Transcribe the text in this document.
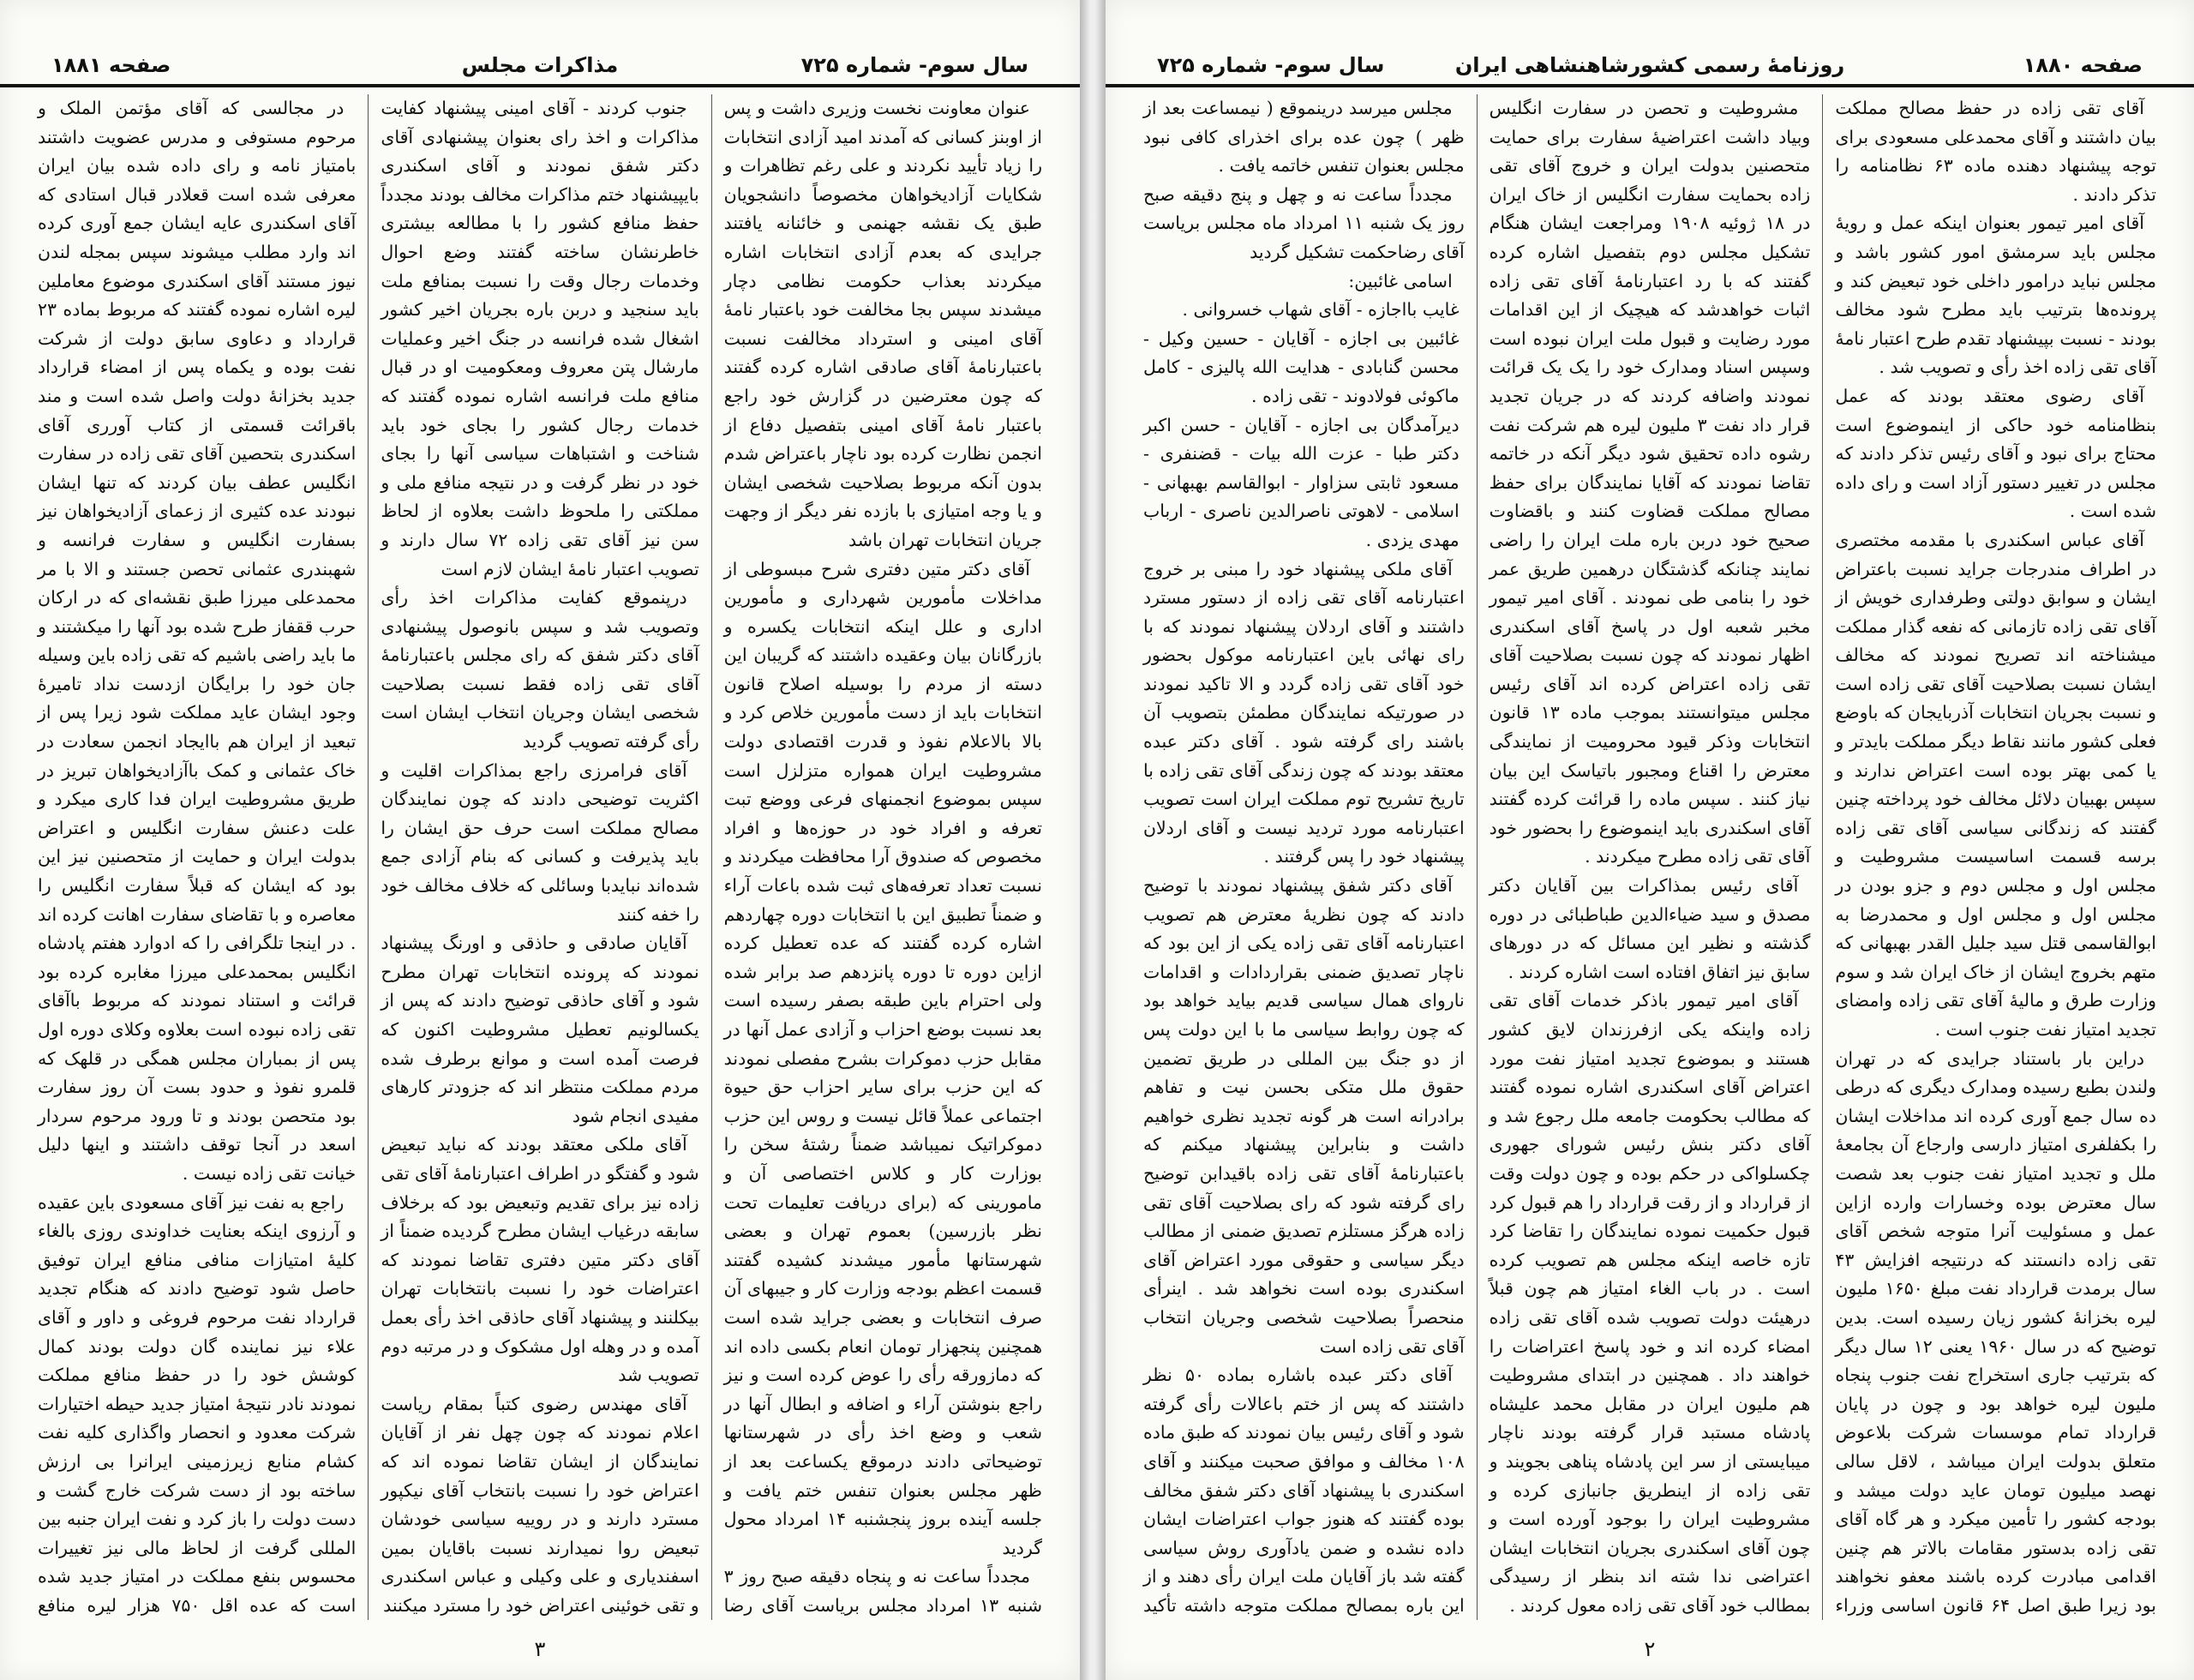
صفحه ۱۸۸۱	مذاکرات مجلس	سال سوم- شماره ۷۲۵

عنوان معاونت نخست وزیری داشت و پس از اوبنز کسانی که آمدند امید آزادی انتخابات را زیاد تأیید نکردند و علی رغم تظاهرات و شکایات آزادیخواهان مخصوصاً دانشجویان طبق یک نقشه جهنمی و خائنانه یافتند جرایدی که بعدم آزادی انتخابات اشاره میکردند بعذاب حکومت نظامی دچار میشدند سپس بجا مخالفت خود باعتبار نامهٔ آقای امینی و استرداد مخالفت نسبت باعتبارنامهٔ آقای صادقی اشاره کرده گفتند که چون معترضین در گزارش خود راجع باعتبار نامهٔ آقای امینی بتفصیل دفاع از انجمن نظارت کرده بود ناچار باعتراض شدم بدون آنکه مربوط بصلاحیت شخصی ایشان و یا وجه امتیازی با بازده نفر دیگر از وجهت جریان انتخابات تهران باشد

آقای دکتر متین دفتری شرح مبسوطی از مداخلات مأمورین شهرداری و مأمورین اداری و علل اینکه انتخابات یکسره و بازرگانان بیان وعقیده داشتند که گریبان این دسته از مردم را بوسیله اصلاح قانون انتخابات باید از دست مأمورین خلاص کرد و بالا بالاعلام نفوذ و قدرت اقتصادی دولت مشروطیت ایران همواره متزلزل است سپس بموضوع انجمنهای فرعی ووضع تبت تعرفه و افراد خود در حوزه‌ها و افراد مخصوص که صندوق آرا محافظت میکردند و نسبت تعداد تعرفه‌های ثبت شده باعات آراء و ضمناً تطبیق این با انتخابات دوره چهاردهم اشاره کرده گفتند که عده تعطیل کرده ازاین دوره تا دوره پانزدهم صد برابر شده ولی احترام باین طبقه بصفر رسیده است بعد نسبت بوضع احزاب و آزادی عمل آنها در مقابل حزب دموکرات بشرح مفصلی نمودند که این حزب برای سایر احزاب حق حیوة اجتماعی عملاً قائل نیست و روس این حزب دموکراتیک نمیباشد ضمناً رشتهٔ سخن را بوزارت کار و کلاس اختصاصی آن و مامورینی که (برای دریافت تعلیمات تحت نظر بازرسین) بعموم تهران و بعضی شهرستانها مأمور میشدند کشیده گفتند قسمت اعظم بودجه وزارت کار و جیبهای آن صرف انتخابات و بعضی جراید شده است همچنین پنجهزار تومان انعام بکسی داده اند که دمازورقه رأی را عوض کرده است و نیز راجع بنوشتن آراء و اضافه و ابطال آنها در شعب و وضع اخذ رأی در شهرستانها توضیحاتی دادند درموقع یکساعت بعد از ظهر مجلس بعنوان تنفس ختم یافت و جلسه آینده بروز پنجشنبه ۱۴ امرداد محول گردید

مجدداً ساعت نه و پنجاه دقیقه صبح روز ۳ شنبه ۱۳ امرداد مجلس بریاست آقای رضا

جنوب کردند - آقای امینی پیشنهاد کفایت مذاکرات و اخذ رای بعنوان پیشنهادی آقای دکتر شفق نمودند و آقای اسکندری بایپیشنهاد ختم مذاکرات مخالف بودند مجدداً حفظ منافع کشور را با مطالعه بیشتری خاطرنشان ساخته گفتند وضع احوال وخدمات رجال وقت را نسبت بمنافع ملت باید سنجید و دربن باره بجریان اخیر کشور اشغال شده فرانسه در جنگ اخیر وعملیات مارشال پتن معروف ومعکومیت او در قبال منافع ملت فرانسه اشاره نموده گفتند که خدمات رجال کشور را بجای خود باید شناخت و اشتباهات سیاسی آنها را بجای خود در نظر گرفت و در نتیجه منافع ملی و مملکتی را ملحوظ داشت بعلاوه از لحاظ سن نیز آقای تقی زاده ۷۲ سال دارند و تصویب اعتبار نامهٔ ایشان لازم است

درپنموقع کفایت مذاکرات اخذ رأی وتصویب شد و سپس بانوصول پیشنهادی آقای دکتر شفق که رای مجلس باعتبارنامهٔ آقای تقی زاده فقط نسبت بصلاحیت شخصی ایشان وجریان انتخاب ایشان است رأی گرفته تصویب گردید

آقای فرامرزی راجع بمذاکرات اقلیت و اکثریت توضیحی دادند که چون نمایندگان مصالح مملکت است حرف حق ایشان را باید پذیرفت و کسانی که بنام آزادی جمع شده‌اند نبایدبا وسائلی که خلاف مخالف خود را خفه کنند

آقایان صادقی و حاذقی و اورنگ پیشنهاد نمودند که پرونده انتخابات تهران مطرح شود و آقای حاذقی توضیح دادند که پس از یکسالونیم تعطیل مشروطیت اکنون که فرصت آمده است و موانع برطرف شده مردم مملکت منتظر اند که جزودتر کارهای مفیدی انجام شود

آقای ملکی معتقد بودند که نباید تبعیض شود و گفتگو در اطراف اعتبارنامهٔ آقای تقی زاده نیز برای تقدیم وتبعیض بود که برخلاف سابقه درغیاب ایشان مطرح گردیده ضمناً از آقای دکتر متین دفتری تقاضا نمودند که اعتراضات خود را نسبت بانتخابات تهران بیکلنند و پیشنهاد آقای حاذقی اخذ رأی بعمل آمده و در وهله اول مشکوک و در مرتبه دوم تصویب شد

آقای مهندس رضوی کتباً بمقام ریاست اعلام نمودند که چون چهل نفر از آقایان نمایندگان از ایشان تقاضا نموده اند که اعتراض خود را نسبت بانتخاب آقای نیکپور مسترد دارند و در روییه سیاسی خودشان تبعیض روا نمیدارند نسبت باقایان بمین اسفندیاری و علی وکیلی و عباس اسکندری و تقی خوئینی اعتراض خود را مسترد میکنند

در مجالسی که آقای مؤتمن الملک و مرحوم مستوفی و مدرس عضویت داشتند بامتیاز نامه و رای داده شده بیان ایران معرفی شده است قعلادر قبال استادی که آقای اسکندری عایه ایشان جمع آوری کرده اند وارد مطلب میشوند سپس بمجله لندن نیوز مستند آقای اسکندری موضوع معاملین لیره اشاره نموده گفتند که مربوط بماده ۲۳ قرارداد و دعاوی سابق دولت از شرکت نفت بوده و یکماه پس از امضاء قرارداد جدید بخزانهٔ دولت واصل شده است و مند باقرائت قسمتی از کتاب آورری آقای اسکندری بتحصین آقای تقی زاده در سفارت انگلیس عطف بیان کردند که تنها ایشان نبودند عده کثیری از زعمای آزادیخواهان نیز بسفارت انگلیس و سفارت فرانسه و شهبندری عثمانی تحصن جستند و الا با مر محمدعلی میرزا طبق نقشه‌ای که در ارکان حرب ققفاز طرح شده بود آنها را میکشتند و ما باید راضی باشیم که تقی زاده باین وسیله جان خود را برایگان ازدست نداد تامیرهٔ وجود ایشان عاید مملکت شود زیرا پس از تبعید از ایران هم باایجاد انجمن سعادت در خاک عثمانی و کمک باآزادیخواهان تبریز در طریق مشروطیت ایران فدا کاری میکرد و علت دعنش سفارت انگلیس و اعتراض بدولت ایران و حمایت از متحصنین نیز این بود که ایشان که قبلاً سفارت انگلیس را معاصره و با تقاضای سفارت اهانت کرده اند . در اینجا تلگرافی را که ادوارد هفتم پادشاه انگلیس بمحمدعلی میرزا مغابره کرده بود قرائت و استناد نمودند که مربوط باآقای تقی زاده نبوده است بعلاوه وکلای دوره اول پس از بمباران مجلس همگی در قلهک که قلمرو نفوذ و حدود بست آن روز سفارت بود متحصن بودند و تا ورود مرحوم سردار اسعد در آنجا توقف داشتند و اینها دلیل خیانت تقی زاده نیست .

راجع به نفت نیز آقای مسعودی باین عقیده و آرزوی اینکه بعنایت خداوندی روزی بالغاء کلیهٔ امتیازات منافی منافع ایران توفیق حاصل شود توضیح دادند که هنگام تجدید قرارداد نفت مرحوم فروغی و داور و آقای علاء نیز نماینده گان دولت بودند کمال کوشش خود را در حفظ منافع مملکت نمودند نادر نتیجهٔ امتیاز جدید حیطه اختیارات شرکت معدود و انحصار واگذاری کلیه نفت کشام منابع زیرزمینی ایرانرا بی ارزش ساخته بود از دست شرکت خارج گشت و دست دولت را باز کرد و نفت ایران جنبه بین المللی گرفت از لحاظ مالی نیز تغییرات محسوس بنفع مملکت در امتیاز جدید شده است که عده اقل ۷۵۰ هزار لیره منافع

۳
سال سوم- شماره ۷۲۵	روزنامهٔ رسمی کشورشاهنشاهی ایران	صفحه ۱۸۸۰

آقای تقی زاده در حفظ مصالح مملکت بیان داشتند و آقای محمدعلی مسعودی برای توجه پیشنهاد دهنده ماده ۶۳ نظامنامه را تذکر دادند .

آقای امیر تیمور بعنوان اینکه عمل و رویهٔ مجلس باید سرمشق امور کشور باشد و مجلس نباید درامور داخلی خود تبعیض کند و پرونده‌ها بترتیب باید مطرح شود مخالف بودند - نسبت بپیشنهاد تقدم طرح اعتبار نامهٔ آقای تقی زاده اخذ رأی و تصویب شد .

آقای رضوی معتقد بودند که عمل بنظامنامه خود حاکی از اینموضوع است محتاج برای نبود و آقای رئیس تذکر دادند که مجلس در تغییر دستور آزاد است و رای داده شده است .

آقای عباس اسکندری با مقدمه مختصری در اطراف مندرجات جراید نسبت باعتراض ایشان و سوابق دولتی وطرفداری خویش از آقای تقی زاده تازمانی که نفعه گذار مملکت میشناخته اند تصریح نمودند که مخالف ایشان نسبت بصلاحیت آقای تقی زاده است و نسبت بجریان انتخابات آذربایجان که باوضع فعلی کشور مانند نقاط دیگر مملکت بایدتر و یا کمی بهتر بوده است اعتراض ندارند و سپس بهبیان دلائل مخالف خود پرداخته چنین گفتند که زندگانی سیاسی آقای تقی زاده برسه قسمت اساسیست مشروطیت و مجلس اول و مجلس دوم و جزو بودن در مجلس اول و مجلس اول و محمدرضا به ابوالقاسمی قتل سید جلیل القدر بهبهانی که متهم بخروج ایشان از خاک ایران شد و سوم وزارت طرق و مالیهٔ آقای تقی زاده وامضای تجدید امتیاز نفت جنوب است .

دراین بار باستناد جرایدی که در تهران ولندن بطبع رسیده ومدارک دیگری که درطی ده سال جمع آوری کرده اند مداخلات ایشان را بکفلفری امتیاز دارسی وارجاع آن بجامعهٔ ملل و تجدید امتیاز نفت جنوب بعد شصت سال معترض بوده وخسارات وارده ازاین عمل و مسئولیت آنرا متوجه شخص آقای تقی زاده دانستند که درنتیجه افزایش ۴۳ سال برمدت قرارداد نفت مبلغ ۱۶۵۰ ملیون لیره بخزانهٔ کشور زیان رسیده است. بدین توضیح که در سال ۱۹۶۰ یعنی ۱۲ سال دیگر که بترتیب جاری استخراج نفت جنوب پنجاه ملیون لیره خواهد بود و چون در پایان قرارداد تمام موسسات شرکت بلاعوض متعلق بدولت ایران میباشد ، لاقل سالی نهصد میلیون تومان عاید دولت میشد و بودجه کشور را تأمین میکرد و هر گاه آقای تقی زاده بدستور مقامات بالاتر هم چنین اقدامی مبادرت کرده باشند معفو نخواهند بود زیرا طبق اصل ۶۴ قانون اساسی وزراء

مشروطیت و تحصن در سفارت انگلیس وبیاد داشت اعتراضیهٔ سفارت برای حمایت متحصنین بدولت ایران و خروج آقای تقی زاده بحمایت سفارت انگلیس از خاک ایران در ۱۸ ژوئیه ۱۹۰۸ ومراجعت ایشان هنگام تشکیل مجلس دوم بتفصیل اشاره کرده گفتند که با رد اعتبارنامهٔ آقای تقی زاده اثبات خواهدشد که هیچیک از این اقدامات مورد رضایت و قبول ملت ایران نبوده است وسپس اسناد ومدارک خود را یک یک قرائت نمودند واضافه کردند که در جریان تجدید قرار داد نفت ۳ ملیون لیره هم شرکت نفت رشوه داده تحقیق شود دیگر آنکه در خاتمه تقاضا نمودند که آقایا نمایندگان برای حفظ مصالح مملکت قضاوت کنند و باقضاوت صحیح خود دربن باره ملت ایران را راضی نمایند چنانکه گذشتگان درهمین طریق عمر خود را بنامی طی نمودند . آقای امیر تیمور مخبر شعبه اول در پاسخ آقای اسکندری اظهار نمودند که چون نسبت بصلاحیت آقای تقی زاده اعتراض کرده اند آقای رئیس مجلس میتوانستند بموجب ماده ۱۳ قانون انتخابات وذکر قیود محرومیت از نمایندگی معترض را اقناع ومجبور باتیاسک این بیان نیاز کنند . سپس ماده را قرائت کرده گفتند آقای اسکندری باید اینموضوع را بحضور خود آقای تقی زاده مطرح میکردند .

آقای رئیس بمذاکرات بین آقایان دکتر مصدق و سید ضیاءالدین طباطبائی در دوره گذشته و نظیر این مسائل که در دورهای سابق نیز اتفاق افتاده است اشاره کردند .

آقای امیر تیمور باذکر خدمات آقای تقی زاده واینکه یکی ازفرزندان لایق کشور هستند و بموضوع تجدید امتیاز نفت مورد اعتراض آقای اسکندری اشاره نموده گفتند که مطالب بحکومت جامعه ملل رجوع شد و آقای دکتر بنش رئیس شورای جهوری چکسلواکی در حکم بوده و چون دولت وقت از قرارداد و از رقت قرارداد را هم قبول کرد قبول حکمیت نموده نمایندگان را تقاضا کرد تازه خاصه اینکه مجلس هم تصویب کرده است . در باب الغاء امتیاز هم چون قبلاً درهیئت دولت تصویب شده آقای تقی زاده امضاء کرده اند و خود پاسخ اعتراضات را خواهند داد . همچنین در ابتدای مشروطیت هم ملیون ایران در مقابل محمد علیشاه پادشاه مستبد قرار گرفته بودند ناچار میبایستی از سر این پادشاه پناهی بجویند و تقی زاده از اینطریق جانبازی کرده و مشروطیت ایران را بوجود آورده است و چون آقای اسکندری بجریان انتخابات ایشان اعتراضی ندا شته اند بنظر از رسیدگی بمطالب خود آقای تقی زاده معول کردند .

مجلس میرسد درینموقع ( نیمساعت بعد از ظهر ) چون عده برای اخذرای کافی نبود مجلس بعنوان تنفس خاتمه یافت .

مجدداً ساعت نه و چهل و پنج دقیقه صبح روز یک شنبه ۱۱ امرداد ماه مجلس بریاست آقای رضاحکمت تشکیل گردید

اسامی غائبین:

غایب بااجازه - آقای شهاب خسروانی .

غائبین بی اجازه - آقایان - حسین وکیل - محسن گنابادی - هدایت الله پالیزی - کامل ماکوئی فولادوند - تقی زاده .

دیرآمدگان بی اجازه - آقایان - حسن اکبر دکتر طبا - عزت الله بیات - قضنفری - مسعود ثابتی سزاوار - ابوالقاسم بهبهانی - اسلامی - لاهوتی ناصرالدین ناصری - ارباب مهدی یزدی .

آقای ملکی پیشنهاد خود را مبنی بر خروج اعتبارنامه آقای تقی زاده از دستور مسترد داشتند و آقای اردلان پیشنهاد نمودند که با رای نهائی باین اعتبارنامه موکول بحضور خود آقای تقی زاده گردد و الا تاکید نمودند در صورتیکه نمایندگان مطمئن بتصویب آن باشند رای گرفته شود . آقای دکتر عبده معتقد بودند که چون زندگی آقای تقی زاده با تاریخ تشریح توم مملکت ایران است تصویب اعتبارنامه مورد تردید نیست و آقای اردلان پیشنهاد خود را پس گرفتند .

آقای دکتر شفق پیشنهاد نمودند با توضیح دادند که چون نظریهٔ معترض هم تصویب اعتبارنامه آقای تقی زاده یکی از این بود که ناچار تصدیق ضمنی بقراردادات و اقدامات ناروای همال سیاسی قدیم بیاید خواهد بود که چون روابط سیاسی ما با این دولت پس از دو جنگ بین المللی در طریق تضمین حقوق ملل متکی بحسن نیت و تفاهم برادرانه است هر گونه تجدید نظری خواهیم داشت و بنابراین پیشنهاد میکنم که باعتبارنامهٔ آقای تقی زاده باقیدابن توضیح رای گرفته شود که رای بصلاحیت آقای تقی زاده هرگز مستلزم تصدیق ضمنی از مطالب دیگر سیاسی و حقوقی مورد اعتراض آقای اسکندری بوده است نخواهد شد . اینرأی منحصراً بصلاحیت شخصی وجریان انتخاب آقای تقی زاده است

آقای دکتر عبده باشاره بماده ۵۰ نظر داشتند که پس از ختم باعالات رأی گرفته شود و آقای رئیس بیان نمودند که طبق ماده ۱۰۸ مخالف و موافق صحبت میکنند و آقای اسکندری با پیشنهاد آقای دکتر شفق مخالف بوده گفتند که هنوز جواب اعتراضات ایشان داده نشده و ضمن یادآوری روش سیاسی گفته شد باز آقایان ملت ایران رأی دهند و از این باره بمصالح مملکت متوجه داشته تأکید

۲
